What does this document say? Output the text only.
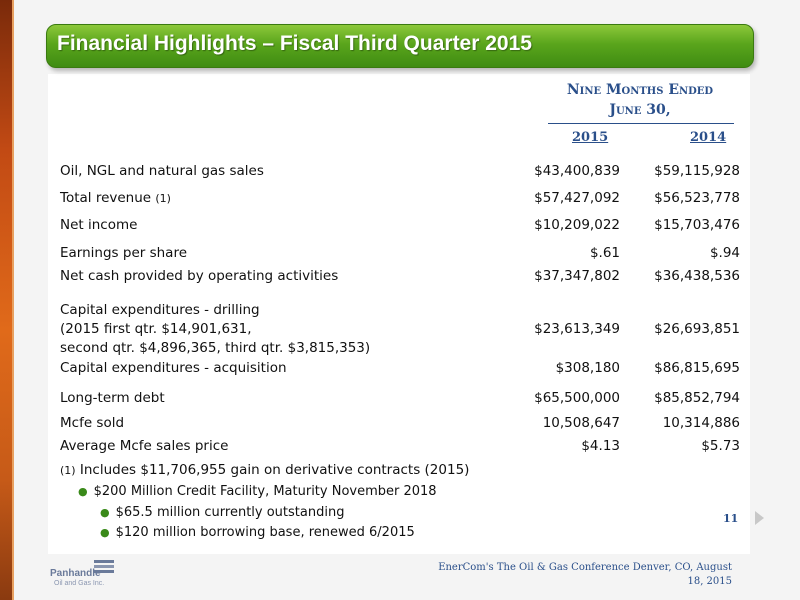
Financial Highlights – Fiscal Third Quarter 2015
Nine Months Ended
June 30,
2015	2014
Oil, NGL and natural gas sales	$43,400,839	$59,115,928
Total revenue (1)	$57,427,092	$56,523,778
Net income	$10,209,022	$15,703,476
Earnings per share	$.61	$.94
Net cash provided by operating activities	$37,347,802	$36,438,536
Capital expenditures - drilling
(2015 first qtr. $14,901,631,
second qtr. $4,896,365, third qtr. $3,815,353)
$23,613,349	$26,693,851
Capital expenditures - acquisition	$308,180	$86,815,695
Long-term debt	$65,500,000	$85,852,794
Mcfe sold	10,508,647	10,314,886
Average Mcfe sales price	$4.13	$5.73
(1) Includes $11,706,955 gain on derivative contracts (2015)
● $200 Million Credit Facility, Maturity November 2018
● $65.5 million currently outstanding
● $120 million borrowing base, renewed 6/2015
11
Panhandle
Oil and Gas Inc.
EnerCom's The Oil & Gas Conference Denver, CO, August
18, 2015
